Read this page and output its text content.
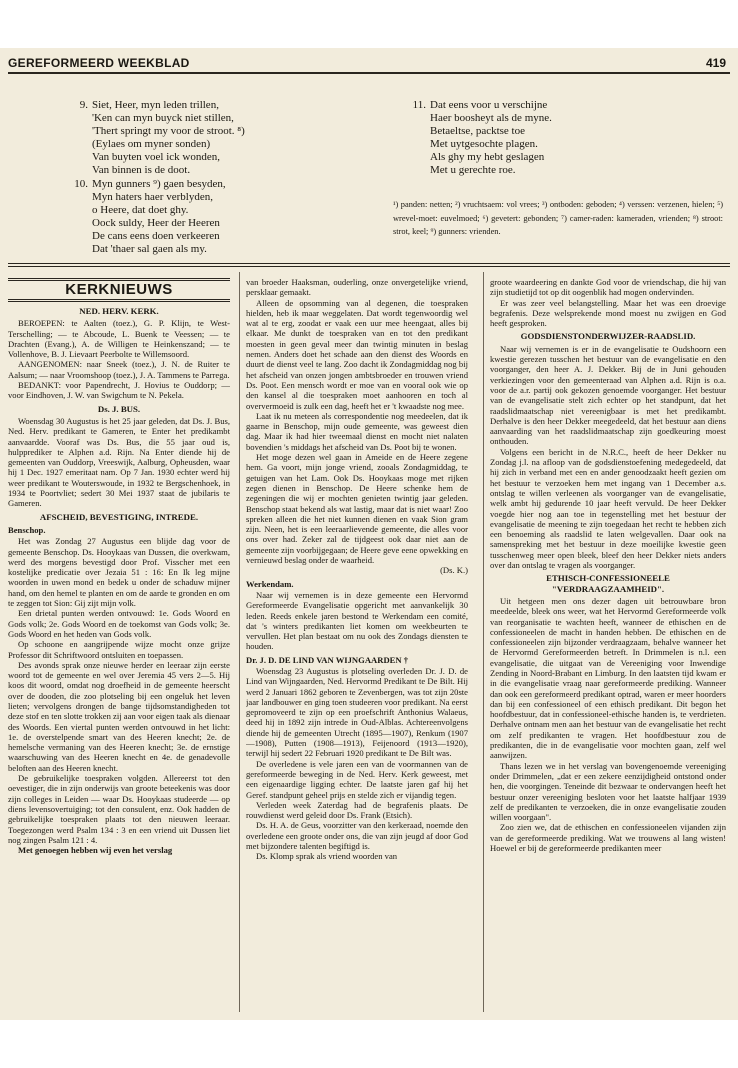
GEREFORMEERD WEEKBLAD	419
9. Siet, Heer, myn leden trillen,
'Ken can myn buyck niet stillen,
'Thert springt my voor de stroot. ⁸)
(Eylaes om myner sonden)
Van buyten voel ick wonden,
Van binnen is de doot.
10. Myn gunners ⁹) gaen besyden,
Myn haters haer verblyden,
o Heere, dat doet ghy.
Oock suldy, Heer der Heeren
De cans eens doen verkeeren
Dat 'thaer sal gaen als my.
11. Dat eens voor u verschijne
Haer boosheyt als de myne.
Betaeltse, packtse toe
Met uytgesochte plagen.
Als ghy my hebt geslagen
Met u gerechte roe.
¹) panden: netten; ²) vruchtsaem: vol vrees; ³) ontboden: geboden; ⁴) verssen: verzenen, hielen; ⁵) wrevel-moet: euvelmoed; ⁶) gevetert: gebonden; ⁷) camer-raden: kameraden, vrienden; ⁸) stroot: strot, keel; ⁹) gunners: vrienden.
KERKNIEUWS
NED. HERV. KERK.

BEROEPEN: te Aalten (toez.), G. P. Klijn, te West-Terschelling; — te Abcoude, L. Buenk te Veessen; — te Drachten (Evang.), A. de Willigen te Heinkenszand; — te Vollenhove, B. J. Lievaart Peerbolte te Willemsoord.

AANGENOMEN: naar Sneek (toez.), J. N. de Ruiter te Aalsum; — naar Vroomshoop (toez.), J. A. Tammens te Parrega.

BEDANKT: voor Papendrecht, J. Hovius te Ouddorp; — voor Eindhoven, J. W. van Swigchum te N. Pekela.

Ds. J. BUS.

Woensdag 30 Augustus is het 25 jaar geleden, dat Ds. J. Bus, Ned. Herv. predikant te Gameren, te Enter het predikambt aanvaardde. Vooraf was Ds. Bus, die 55 jaar oud is, hulpprediker te Alphen a.d. Rijn. Na Enter diende hij de gemeenten van Ouddorp, Vreeswijk, Aalburg, Opheusden, waar hij 1 Dec. 1927 emeritaat nam. Op 7 Jan. 1930 echter werd hij weer predikant te Wouterswoude, in 1932 te Bergschenhoek, in 1934 te Poortvliet; sedert 30 Mei 1937 staat de jubilaris te Gameren.

AFSCHEID, BEVESTIGING, INTREDE.
Benschop.

Het was Zondag 27 Augustus een blijde dag voor de gemeente Benschop. Ds. Hooykaas van Dussen, die overkwam, werd des morgens bevestigd door Prof. Visscher met een kostelijke predicatie over Jezaia 51 : 16: En Ik leg mijne woorden in uwen mond en bedek u onder de schaduw mijner hand, om den hemel te planten en om de aarde te gronden en om te zeggen tot Sion: Gij zijt mijn volk.

Een drietal punten werden ontvouwd: 1e. Gods Woord en Gods volk; 2e. Gods Woord en de toekomst van Gods volk; 3e. Gods Woord en het heden van Gods volk.

Op schoone en aangrijpende wijze mocht onze grijze Professor dit Schriftwoord ontsluiten en toepassen.

Des avonds sprak onze nieuwe herder en leeraar zijn eerste woord tot de gemeente en wel over Jeremia 45 vers 2—5. Hij koos dit woord, omdat nog droefheid in de gemeente heerscht over de dooden, die zoo plotseling bij een ongeluk het leven lieten; vervolgens drongen de bange tijdsomstandigheden tot deze stof en ten slotte trokken zij aan voor eigen taak als dienaar des Woords. Een viertal punten werden ontvouwd in het licht: 1e. de overstelpende smart van des Heeren knecht; 2e. de hemelsche vermaning van des Heeren knecht; 3e. de ernstige waarschuwing van des Heeren knecht en 4e. de genadevolle beloften aan des Heeren knecht.

De gebruikelijke toespraken volgden. Allereerst tot den oevestiger, die in zijn onderwijs van groote beteekenis was door zijn colleges in Leiden — waar Ds. Hooykaas studeerde — op diens levensovertuiging; tot den consulent, enz. Ook hadden de gebruikelijke toespraken plaats tot den nieuwen leeraar. Toegezongen werd Psalm 134 : 3 en een vriend uit Dussen liet nog zingen Psalm 121 : 4.

Met genoegen hebben wij even het verslag

van broeder Haaksman, ouderling, onze onvergetelijke vriend, persklaar gemaakt.

Alleen de opsomming van al degenen, die toespraken hielden, heb ik maar weggelaten. Dat wordt tegenwoordig wel wat al te erg, zoodat er vaak een uur mee heengaat, alles bij elkaar. Me dunkt de toespraken van en tot den predikant moesten in geen geval meer dan twintig minuten in beslag nemen. Anders doet het schade aan den dienst des Woords en duurt de dienst veel te lang. Zoo dacht ik Zondagmiddag nog bij het afscheid van onzen jongen ambtsbroeder en trouwen vriend Ds. Poot. Een mensch wordt er moe van en vooral ook wie op den kansel al die toespraken moet aanhooren en toch al oververmoeid is zulk een dag, heeft het er 't kwaadste nog mee.

Laat ik nu meteen als correspondentie nog meedeelen, dat ik gaarne in Benschop, mijn oude gemeente, was geweest dien dag. Maar ik had hier tweemaal dienst en mocht niet nalaten bovendien 's middags het afscheid van Ds. Poot bij te wonen.

Het moge dezen wel gaan in Ameide en de Heere zegene hem. Ga voort, mijn jonge vriend, zooals Zondagmiddag, te getuigen van het Lam. Ook Ds. Hooykaas moge met rijken zegen dienen in Benschop. De Heere schenke hem de zegeningen die wij er mochten genieten twintig jaar geleden. Benschop staat bekend als wat lastig, maar dat is niet waar! Zoo spreken alleen die het niet kunnen dienen en vaak Sion gram zijn. Neen, het is een leeraarlievende gemeente, die alles voor ons over had. Zeker zal de tijdgeest ook daar niet aan de gemeente zijn voorbijgegaan; de Heere geve eene opwekking en vernieuwd beslag onder de waarheid.

(Ds. K.)

Werkendam.

Naar wij vernemen is in deze gemeente een Hervormd Gereformeerde Evangelisatie opgericht met aanvankelijk 30 leden. Reeds enkele jaren bestond te Werkendam een comité, dat 's winters predikanten liet komen om weekbeurten te vervullen. Het plan bestaat om nu ook des Zondags diensten te houden.

Dr. J. D. DE LIND VAN WIJNGAARDEN †

Woensdag 23 Augustus is plotseling overleden Dr. J. D. de Lind van Wijngaarden, Ned. Hervormd Predikant te De Bilt. Hij werd 2 Januari 1862 geboren te Zevenbergen, was tot zijn 20ste jaar landbouwer en ging toen studeeren voor predikant. Na eerst gepromoveerd te zijn op een proefschrift Anthonius Walaeus, deed hij in 1892 zijn intrede in Oud-Alblas. Achtereenvolgens diende hij de gemeenten Utrecht (1895—1907), Renkum (1907—1908), Putten (1908—1913), Feijenoord (1913—1920), terwijl hij sedert 22 Februari 1920 predikant te De Bilt was.

De overledene is vele jaren een van de voormannen van de gereformeerde beweging in de Ned. Herv. Kerk geweest, met een eigenaardige ligging echter. De laatste jaren gaf hij het Geref. standpunt geheel prijs en stelde zich er vijandig tegen.

Verleden week Zaterdag had de begrafenis plaats. De rouwdienst werd geleid door Ds. Frank (Etsich).

Ds. H. A. de Geus, voorzitter van den kerkeraad, noemde den overledene een groote onder ons, die van zijn jeugd af door God met bijzondere talenten begiftigd is.

Ds. Klomp sprak als vriend woorden van

groote waardeering en dankte God voor de vriendschap, die hij van zijn studietijd tot op dit oogenblik had mogen ondervinden.

Er was zeer veel belangstelling. Maar het was een droevige begrafenis. Deze welsprekende mond moest nu zwijgen en God heeft gesproken.

GODSDIENSTONDERWIJZER-RAADSLID.

Naar wij vernemen is er in de evangelisatie te Oudshoorn een kwestie gerezen tusschen het bestuur van de evangelisatie en den voorganger, den heer A. J. Dekker. Bij de in Juni gehouden verkiezingen voor den gemeenteraad van Alphen a.d. Rijn is o.a. voor de a.r. partij ook gekozen genoemde voorganger. Het bestuur van de evangelisatie stelt zich echter op het standpunt, dat het raadslidmaatschap niet vereenigbaar is met het predikambt. Derhalve is den heer Dekker meegedeeld, dat het bestuur aan diens aanvaarding van het raadslidmaatschap zijn goedkeuring moest onthouden.

Volgens een bericht in de N.R.C., heeft de heer Dekker nu Zondag j.l. na afloop van de godsdienstoefening medegedeeld, dat hij zich in verband met een en ander genoodzaakt heeft gezien om het bestuur te verzoeken hem met ingang van 1 December a.s. ontslag te willen verleenen als voorganger van de evangelisatie, welk ambt hij gedurende 10 jaar heeft vervuld. De heer Dekker voegde hier nog aan toe in tegenstelling met het bestuur der evangelisatie de meening te zijn toegedaan het recht te hebben zich een benoeming als raadslid te laten welgevallen. Daar ook na samenspreking met het bestuur in deze moeilijke kwestie geen tusschenweg meer open bleek, bleef den heer Dekker niets anders over dan ontslag te vragen als voorganger.

ETHISCH-CONFESSIONEELE "VERDRAAGZAAMHEID".

Uit hetgeen men ons dezer dagen uit betrouwbare bron meedeelde, bleek ons weer, wat het Hervormd Gereformeerde volk van reorganisatie te wachten heeft, wanneer de ethischen en de confessioneelen de macht in handen hebben. De ethischen en de confessioneelen zijn bijzonder verdraagzaam, behalve wanneer het de Hervormd Gereformeerden betreft. In Drimmelen is n.l. een evangelisatie, die uitgaat van de Vereeniging voor Inwendige Zending in Noord-Brabant en Limburg. In den laatsten tijd kwam er in die evangelisatie vraag naar gereformeerde prediking. Wanneer dan ook een gereformeerd predikant optrad, waren er meer hoorders dan bij een confessioneel of een ethisch predikant. Dit begon het hoofdbestuur, dat in confessioneel-ethische handen is, te verdrieten. Derhalve ontnam men aan het bestuur van de evangelisatie het recht om zelf predikanten te vragen. Het hoofdbestuur zou de predikanten, die in de evangelisatie voor mochten gaan, zelf wel aanwijzen.

Thans lezen we in het verslag van bovengenoemde vereeniging onder Drimmelen, „dat er een zekere eenzijdigheid ontstond onder hen, die voorgingen. Teneinde dit bezwaar te ondervangen heeft het bestuur onzer vereeniging besloten voor het laatste halfjaar 1939 zelf de predikanten te verzoeken, die in onze evangelisatie zouden willen voorgaan".

Zoo zien we, dat de ethischen en confessioneelen vijanden zijn van de gereformeerde prediking. Wat we trouwens al lang wisten! Hoewel er bij de gereformeerde predikanten meer
